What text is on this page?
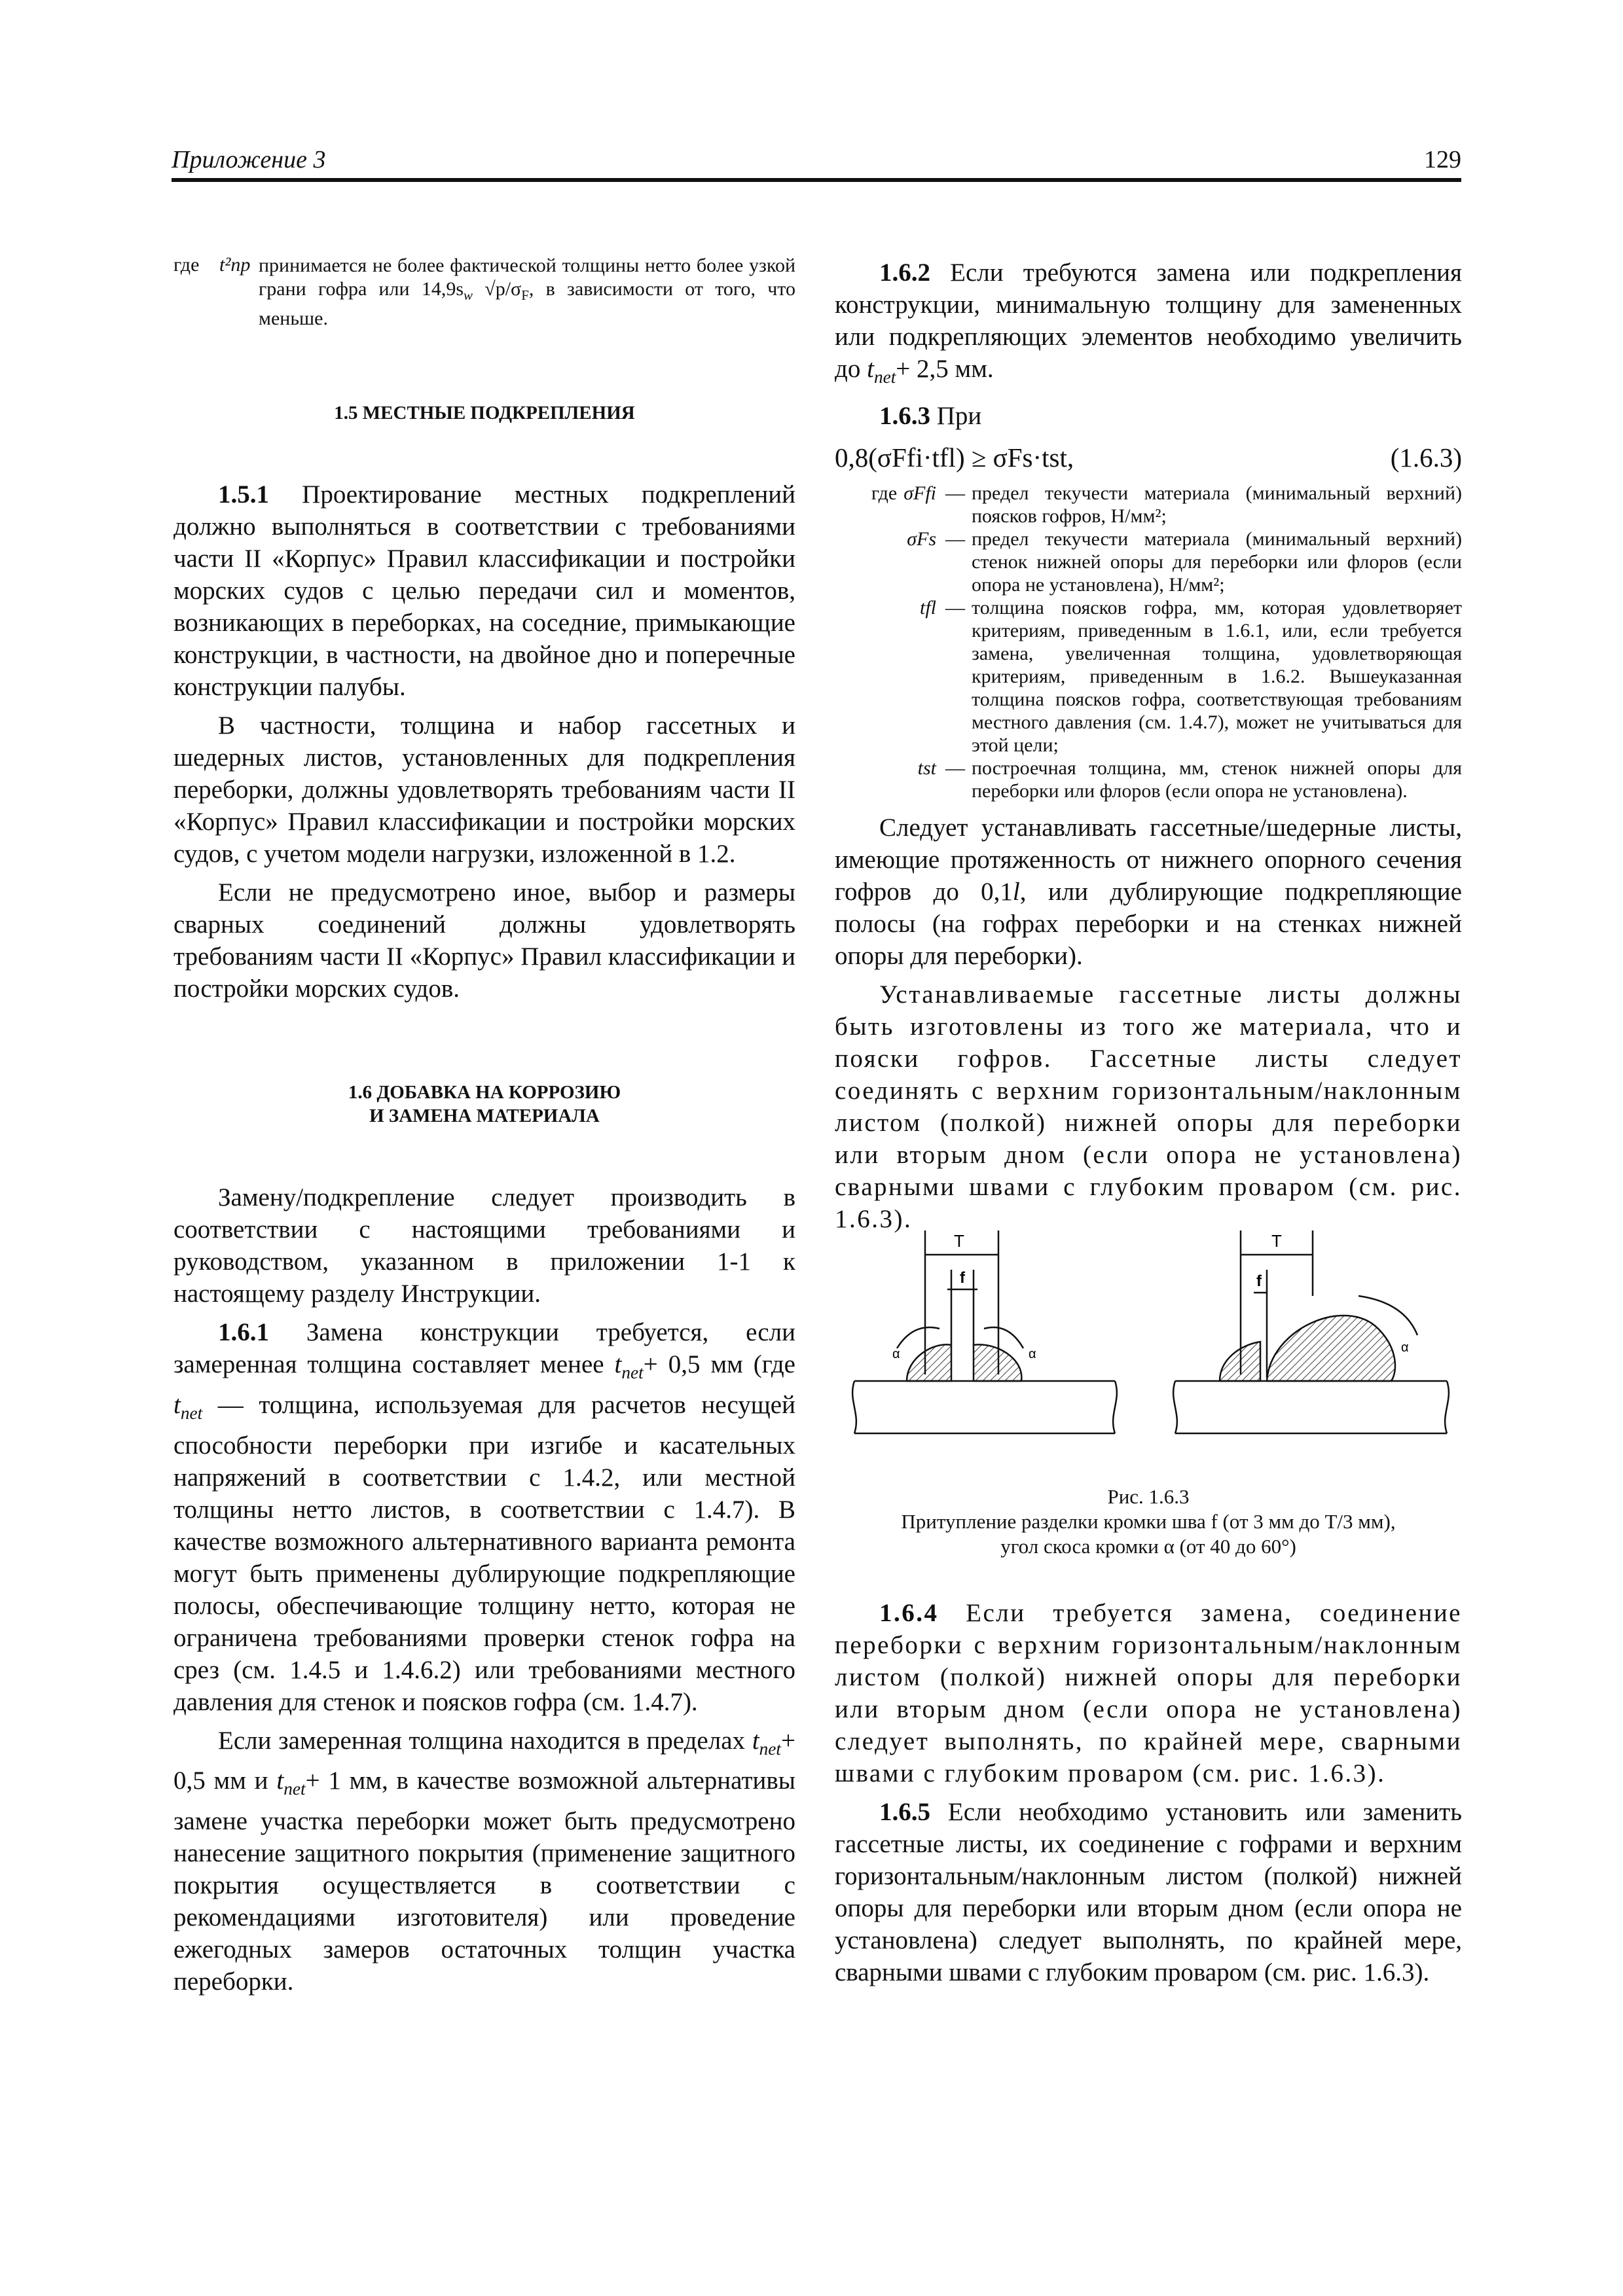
Приложение 3	129
где	t²пр принимается не более фактической толщины нетто более узкой грани гофра или $14,9s_w$ $√p/\sigma_F$, в зависимости от того, что меньше.

1.5 МЕСТНЫЕ ПОДКРЕПЛЕНИЯ

1.5.1 Проектирование местных подкреплений должно выполняться в соответствии с требованиями части II «Корпус» Правил классификации и постройки морских судов с целью передачи сил и моментов, возникающих в переборках, на соседние, примыкающие конструкции, в частности, на двойное дно и поперечные конструкции палубы.

В частности, толщина и набор гассетных и шедерных листов, установленных для подкрепления переборки, должны удовлетворять требованиям части II «Корпус» Правил классификации и постройки морских судов, с учетом модели нагрузки, изложенной в 1.2.

Если не предусмотрено иное, выбор и размеры сварных соединений должны удовлетворять требованиям части II «Корпус» Правил классификации и постройки морских судов.

1.6 ДОБАВКА НА КОРРОЗИЮ

И ЗАМЕНА МАТЕРИАЛА

Замену/подкрепление следует производить в соответствии с настоящими требованиями и руководством, указанном в приложении 1-1 к настоящему разделу Инструкции.

1.6.1 Замена конструкции требуется, если замеренная толщина составляет менее $t_{net}+ 0,5$ мм (где $t_{net}$ — толщина, используемая для расчетов несущей способности переборки при изгибе и касательных напряжений в соответствии с 1.4.2, или местной толщины нетто листов, в соответствии с 1.4.7). В качестве возможного альтернативного варианта ремонта могут быть применены дублирующие подкрепляющие полосы, обеспечивающие толщину нетто, которая не ограничена требованиями проверки стенок гофра на срез (см. 1.4.5 и 1.4.6.2) или требованиями местного давления для стенок и поясков гофра (см. 1.4.7).

Если замеренная толщина находится в пределах $t_{net}+ 0,5$ мм и $t_{net}+ 1$ мм, в качестве возможной альтернативы замене участка переборки может быть предусмотрено нанесение защитного покрытия (применение защитного покрытия осуществляется в соответствии с рекомендациями изготовителя) или проведение ежегодных замеров остаточных толщин участка переборки.

1.6.2 Если требуются замена или подкрепления конструкции, минимальную толщину для замененных или подкрепляющих элементов необходимо увеличить до $t_{net}+ 2,5$ мм.

1.6.3 При

0,8(σFfi·tfl) ≥ σFs·tst,	(1.6.3)
где σFfi — предел текучести материала (минимальный верхний) поясков гофров, Н/мм²;
σFs — предел текучести материала (минимальный верхний) стенок нижней опоры для переборки или флоров (если опора не установлена), Н/мм²;
tfl — толщина поясков гофра, мм, которая удовлетворяет критериям, приведенным в 1.6.1, или, если требуется замена, увеличенная толщина, удовлетворяющая критериям, приведенным в 1.6.2. Вышеуказанная толщина поясков гофра, соответствующая требованиям местного давления (см. 1.4.7), может не учитываться для этой цели;
tst — построечная толщина, мм, стенок нижней опоры для переборки или флоров (если опора не установлена).

Следует устанавливать гассетные/шедерные листы, имеющие протяженность от нижнего опорного сечения гофров до 0,1l, или дублирующие подкрепляющие полосы (на гофрах переборки и на стенках нижней опоры для переборки).

Устанавливаемые гассетные листы должны быть изготовлены из того же материала, что и пояски гофров. Гассетные листы следует соединять с верхним горизонтальным/наклонным листом (полкой) нижней опоры для переборки или вторым дном (если опора не установлена) сварными швами с глубоким проваром (см. рис. 1.6.3).

T
f
α	α
T
f
α
Рис. 1.6.3
Притупление разделки кромки шва f (от 3 мм до T/3 мм),
угол скоса кромки α (от 40 до 60°)

1.6.4 Если требуется замена, соединение переборки с верхним горизонтальным/наклонным листом (полкой) нижней опоры для переборки или вторым дном (если опора не установлена) следует выполнять, по крайней мере, сварными швами с глубоким проваром (см. рис. 1.6.3).

1.6.5 Если необходимо установить или заменить гассетные листы, их соединение с гофрами и верхним горизонтальным/наклонным листом (полкой) нижней опоры для переборки или вторым дном (если опора не установлена) следует выполнять, по крайней мере, сварными швами с глубоким проваром (см. рис. 1.6.3).
